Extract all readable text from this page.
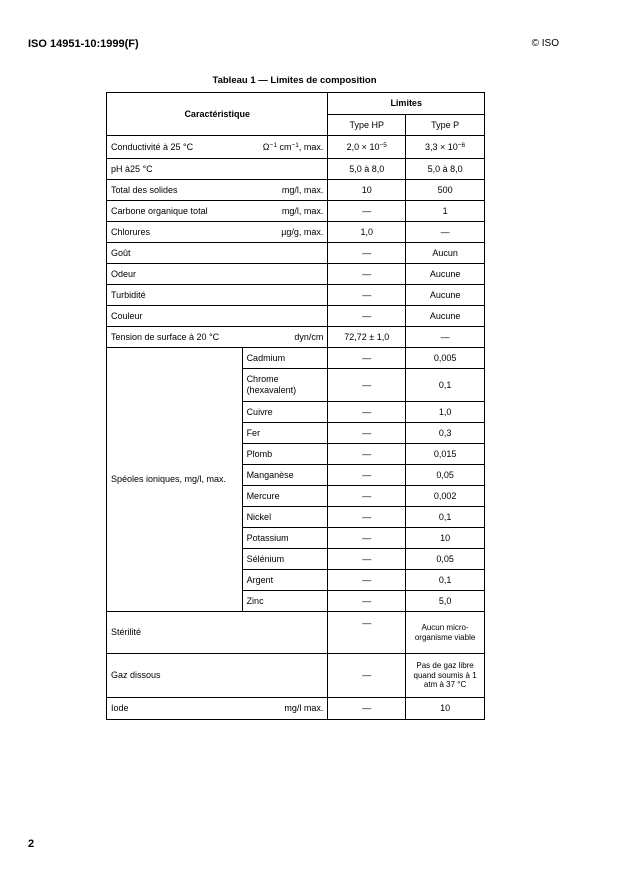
ISO 14951-10:1999(F)	© ISO
Tableau 1 — Limites de composition
Caractéristique		Limites	
		Type HP	Type P
Conductivité à 25 °C	$\Omega^{-1}$ $cm^{-1}$, max.	$2,0 \times 10^{-5}$	$3,3 \times 10^{-6}$
pH à25 °C		5,0 à 8,0	5,0 à 8,0
Total des solides	mg/l, max.	10	500
Carbone organique total	mg/l, max.	—	1
Chlorures	µg/g, max.	1,0	—
Goût		—	Aucun
Odeur		—	Aucune
Turbidité		—	Aucune
Couleur		—	Aucune
Tension de surface à 20 °C	dyn/cm	72,72 ± 1,0	—
Spéoles ioniques, mg/l, max.	Cadmium	—	0,005
	Chrome (hexavalent)	—	0,1
	Cuivre	—	1,0
	Fer	—	0,3
	Plomb	—	0,015
	Manganèse	—	0,05
	Mercure	—	0,002
	Nickel	—	0,1
	Potassium	—	10
	Sélénium	—	0,05
	Argent	—	0,1
	Zinc	—	5,0
Stérilité		—	Aucun micro-organisme viable
Gaz dissous		—	Pas de gaz libre quand soumis à 1 atm à 37 °C
Iode	mg/l max.	—	10
2
